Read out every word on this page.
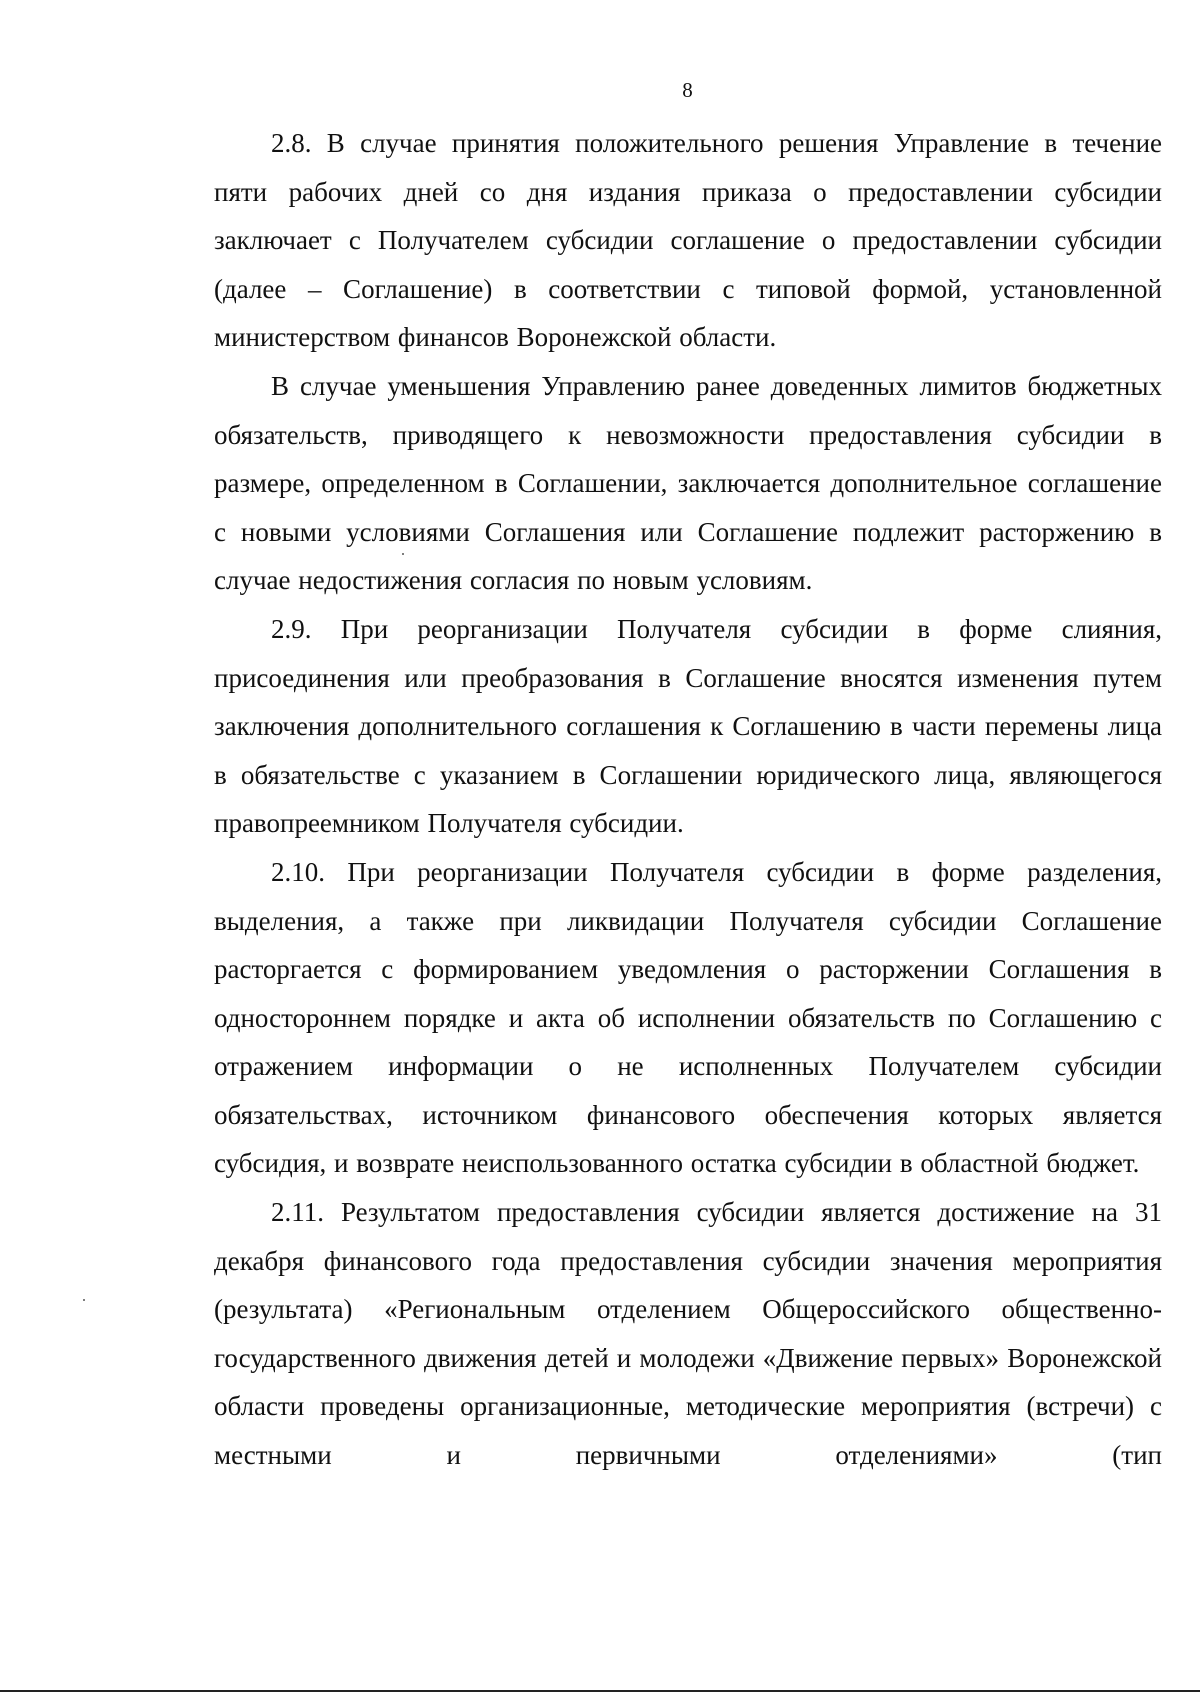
8

2.8. В случае принятия положительного решения Управление в течение пяти рабочих дней со дня издания приказа о предоставлении субсидии заключает с Получателем субсидии соглашение о предоставлении субсидии (далее – Соглашение) в соответствии с типовой формой, установленной министерством финансов Воронежской области.

В случае уменьшения Управлению ранее доведенных лимитов бюджетных обязательств, приводящего к невозможности предоставления субсидии в размере, определенном в Соглашении, заключается дополнительное соглашение с новыми условиями Соглашения или Соглашение подлежит расторжению в случае недостижения согласия по новым условиям.

2.9. При реорганизации Получателя субсидии в форме слияния, присоединения или преобразования в Соглашение вносятся изменения путем заключения дополнительного соглашения к Соглашению в части перемены лица в обязательстве с указанием в Соглашении юридического лица, являющегося правопреемником Получателя субсидии.

2.10. При реорганизации Получателя субсидии в форме разделения, выделения, а также при ликвидации Получателя субсидии Соглашение расторгается с формированием уведомления о расторжении Соглашения в одностороннем порядке и акта об исполнении обязательств по Соглашению с отражением информации о не исполненных Получателем субсидии обязательствах, источником финансового обеспечения которых является субсидия, и возврате неиспользованного остатка субсидии в областной бюджет.

2.11. Результатом предоставления субсидии является достижение на 31 декабря финансового года предоставления субсидии значения мероприятия (результата) «Региональным отделением Общероссийского общественно-государственного движения детей и молодежи «Движение первых» Воронежской области проведены организационные, методические мероприятия (встречи) с местными и первичными отделениями» (тип
